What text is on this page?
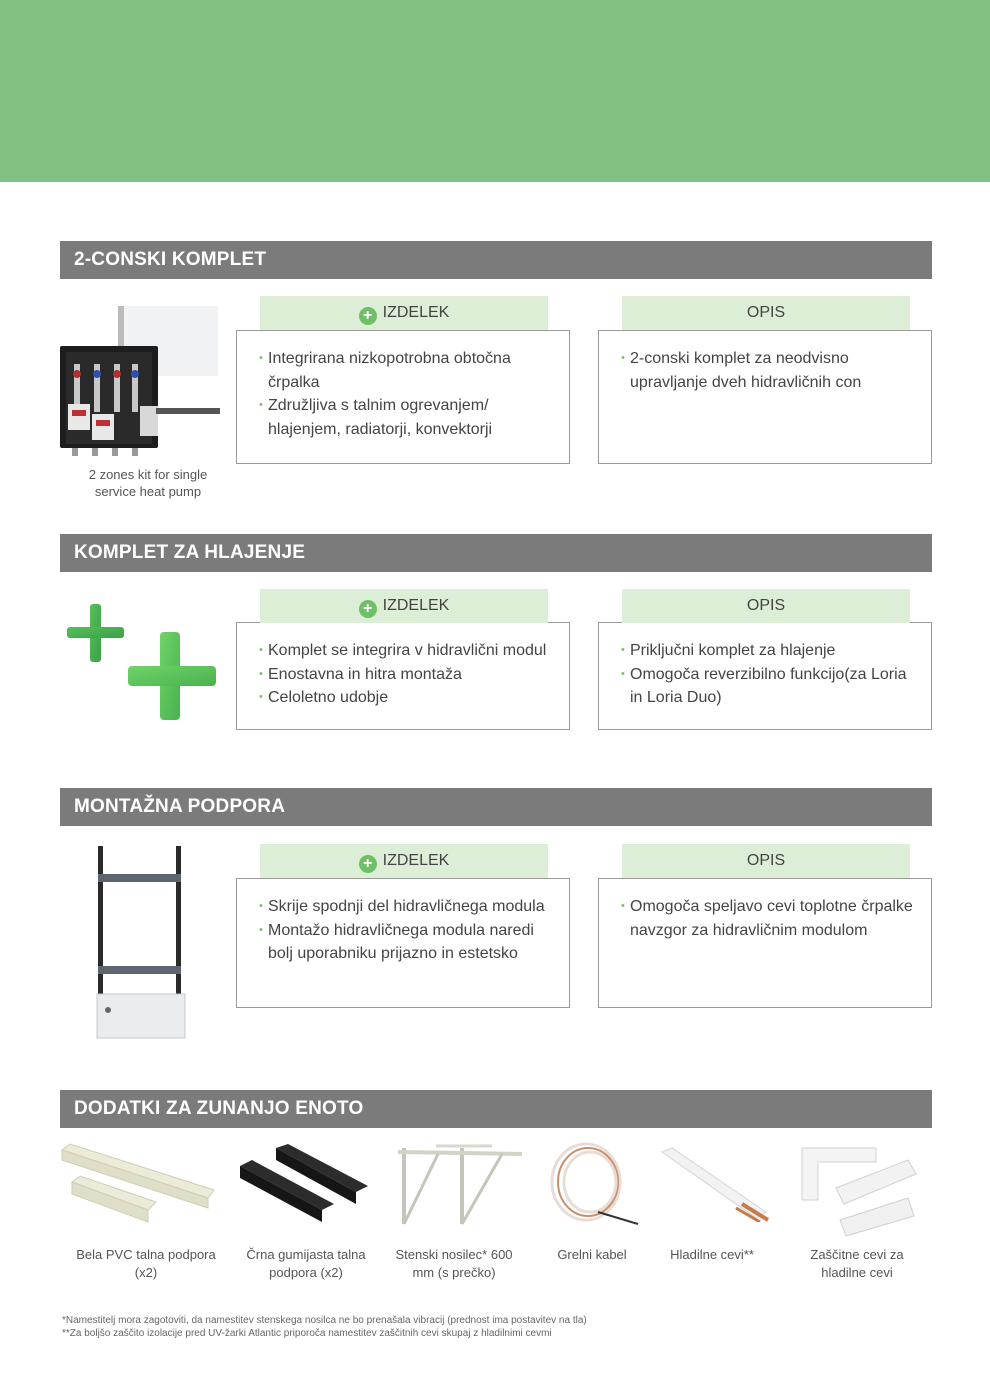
2-CONSKI KOMPLET
2 zones kit for single service heat pump
• Integrirana nizkopotrobna obtočna črpalka
• Združljiva s talnim ogrevanjem/ hlajenjem, radiatorji, konvektorji
+ IZDELEK
• 2-conski komplet za neodvisno upravljanje dveh hidravličnih con
OPIS
KOMPLET ZA HLAJENJE
• Komplet se integrira v hidravlični modul
• Enostavna in hitra montaža
• Celoletno udobje
+ IZDELEK
• Priključni komplet za hlajenje
• Omogoča reverzibilno funkcijo(za Loria in Loria Duo)
OPIS
MONTAŽNA PODPORA
• Skrije spodnji del hidravličnega modula
• Montažo hidravličnega modula naredi bolj uporabniku prijazno in estetsko
+ IZDELEK
• Omogoča speljavo cevi toplotne črpalke navzgor za hidravličnim modulom
OPIS
DODATKI ZA ZUNANJO ENOTO
Bela PVC talna podpora (x2)
Črna gumijasta talna podpora (x2)
Stenski nosilec* 600 mm (s prečko)
Grelni kabel	Hladilne cevi**	Zaščitne cevi za hladilne cevi
*Namestitelj mora zagotoviti, da namestitev stenskega nosilca ne bo prenašala vibracij (prednost ima postavitev na tla)
**Za boljšo zaščito izolacije pred UV-žarki Atlantic priporoča namestitev zaščitnih cevi skupaj z hladilnimi cevmi
